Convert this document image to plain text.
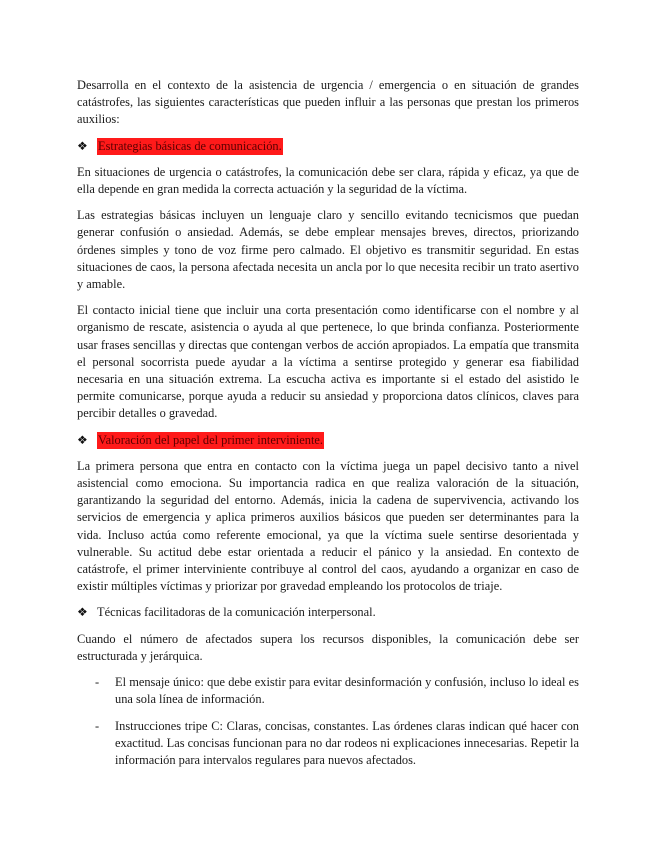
Desarrolla en el contexto de la asistencia de urgencia / emergencia o en situación de grandes catástrofes, las siguientes características que pueden influir a las personas que prestan los primeros auxilios:

❖ Estrategias básicas de comunicación.

En situaciones de urgencia o catástrofes, la comunicación debe ser clara, rápida y eficaz, ya que de ella depende en gran medida la correcta actuación y la seguridad de la víctima.

Las estrategias básicas incluyen un lenguaje claro y sencillo evitando tecnicismos que puedan generar confusión o ansiedad. Además, se debe emplear mensajes breves, directos, priorizando órdenes simples y tono de voz firme pero calmado. El objetivo es transmitir seguridad. En estas situaciones de caos, la persona afectada necesita un ancla por lo que necesita recibir un trato asertivo y amable.

El contacto inicial tiene que incluir una corta presentación como identificarse con el nombre y al organismo de rescate, asistencia o ayuda al que pertenece, lo que brinda confianza. Posteriormente usar frases sencillas y directas que contengan verbos de acción apropiados. La empatía que transmita el personal socorrista puede ayudar a la víctima a sentirse protegido y generar esa fiabilidad necesaria en una situación extrema. La escucha activa es importante si el estado del asistido le permite comunicarse, porque ayuda a reducir su ansiedad y proporciona datos clínicos, claves para percibir detalles o gravedad.

❖ Valoración del papel del primer interviniente.

La primera persona que entra en contacto con la víctima juega un papel decisivo tanto a nivel asistencial como emociona. Su importancia radica en que realiza valoración de la situación, garantizando la seguridad del entorno. Además, inicia la cadena de supervivencia, activando los servicios de emergencia y aplica primeros auxilios básicos que pueden ser determinantes para la vida. Incluso actúa como referente emocional, ya que la víctima suele sentirse desorientada y vulnerable. Su actitud debe estar orientada a reducir el pánico y la ansiedad. En contexto de catástrofe, el primer interviniente contribuye al control del caos, ayudando a organizar en caso de existir múltiples víctimas y priorizar por gravedad empleando los protocolos de triaje.

❖ Técnicas facilitadoras de la comunicación interpersonal.

Cuando el número de afectados supera los recursos disponibles, la comunicación debe ser estructurada y jerárquica.

-	El mensaje único: que debe existir para evitar desinformación y confusión, incluso lo ideal es una sola línea de información.
-	Instrucciones tripe C: Claras, concisas, constantes. Las órdenes claras indican qué hacer con exactitud. Las concisas funcionan para no dar rodeos ni explicaciones innecesarias. Repetir la información para intervalos regulares para nuevos afectados.
